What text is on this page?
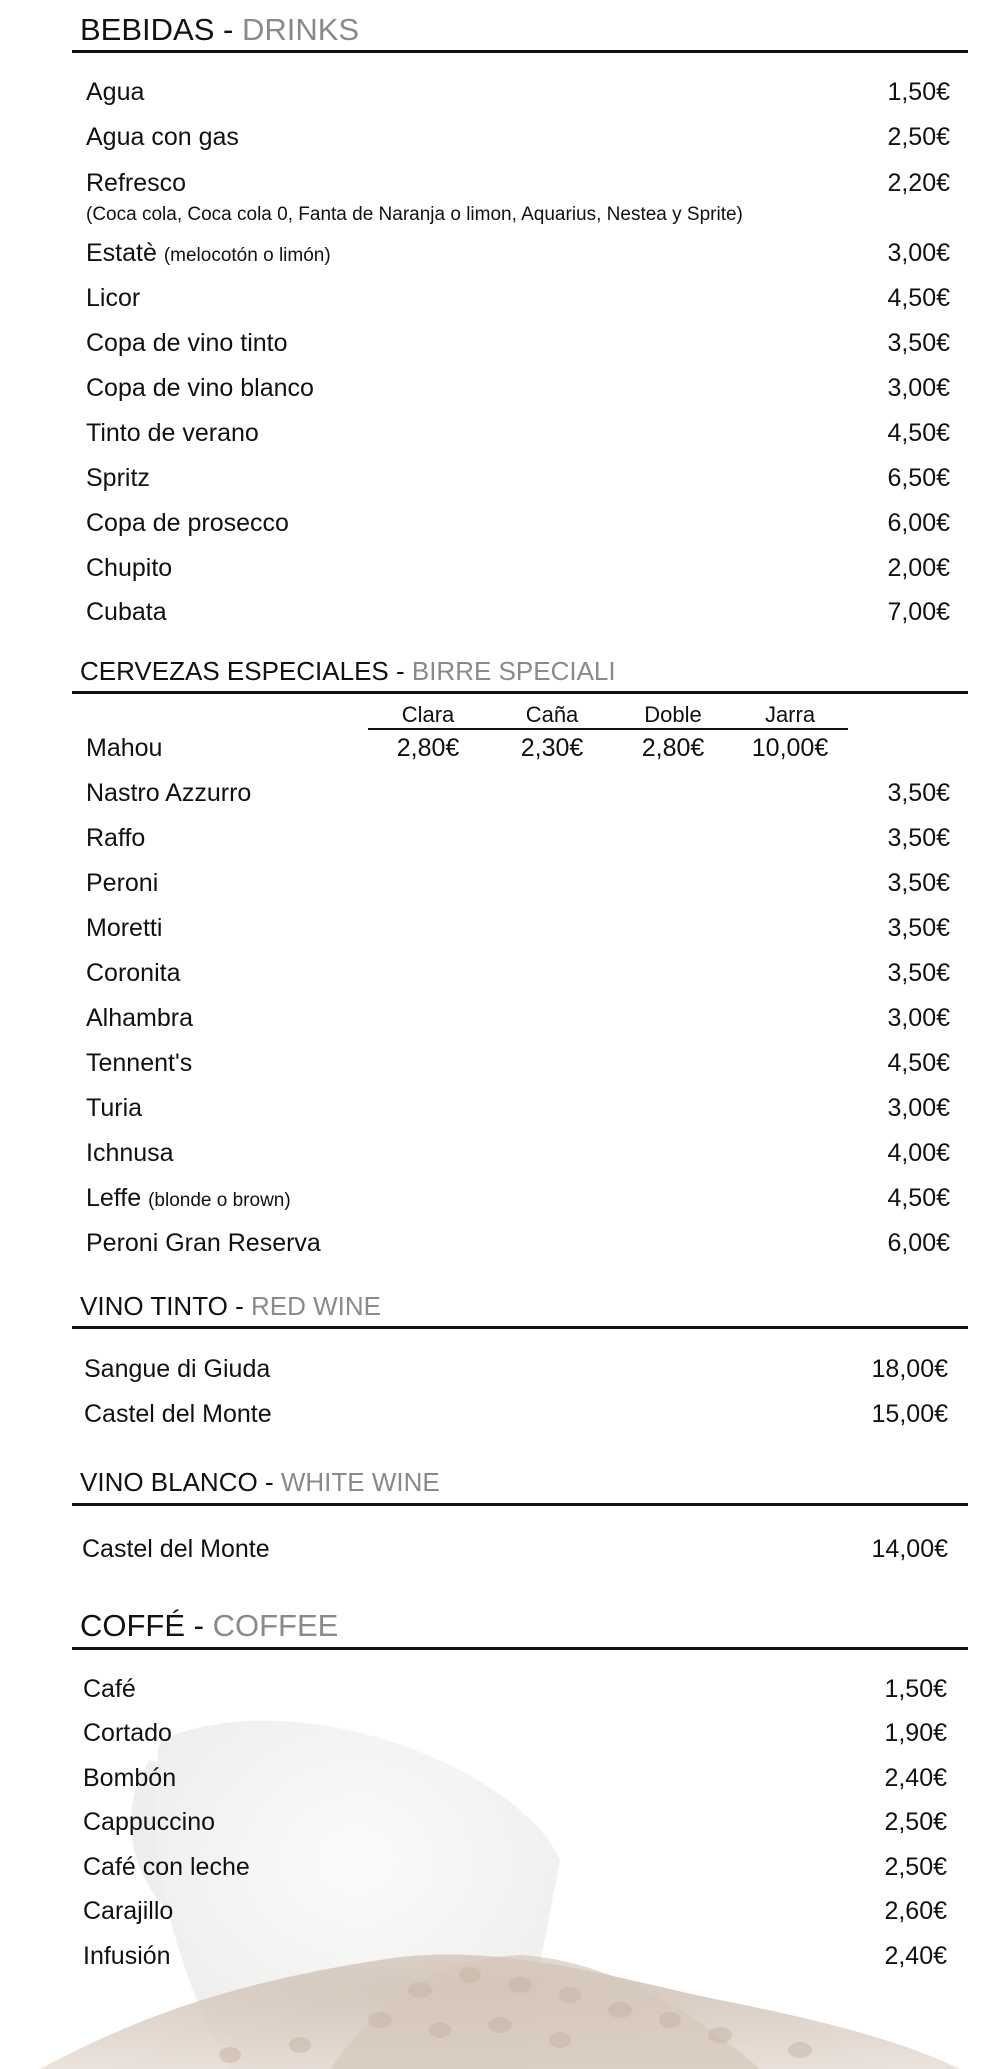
BEBIDAS - DRINKS
Agua	1,50€
Agua con gas	2,50€
Refresco	2,20€
(Coca cola, Coca cola 0, Fanta de Naranja o limon, Aquarius, Nestea y Sprite)
Estatè (melocotón o limón)	3,00€
Licor	4,50€
Copa de vino tinto	3,50€
Copa de vino blanco	3,00€
Tinto de verano	4,50€
Spritz	6,50€
Copa de prosecco	6,00€
Chupito	2,00€
Cubata	7,00€
CERVEZAS ESPECIALES - BIRRE SPECIALI
Clara	Caña	Doble	Jarra
Mahou	2,80€	2,30€	2,80€	10,00€
Nastro Azzurro	3,50€
Raffo	3,50€
Peroni	3,50€
Moretti	3,50€
Coronita	3,50€
Alhambra	3,00€
Tennent's	4,50€
Turia	3,00€
Ichnusa	4,00€
Leffe (blonde o brown)	4,50€
Peroni Gran Reserva	6,00€
VINO TINTO - RED WINE
Sangue di Giuda	18,00€
Castel del Monte	15,00€
VINO BLANCO - WHITE WINE
Castel del Monte	14,00€
COFFÉ - COFFEE
Café	1,50€
Cortado	1,90€
Bombón	2,40€
Cappuccino	2,50€
Café con leche	2,50€
Carajillo	2,60€
Infusión	2,40€
